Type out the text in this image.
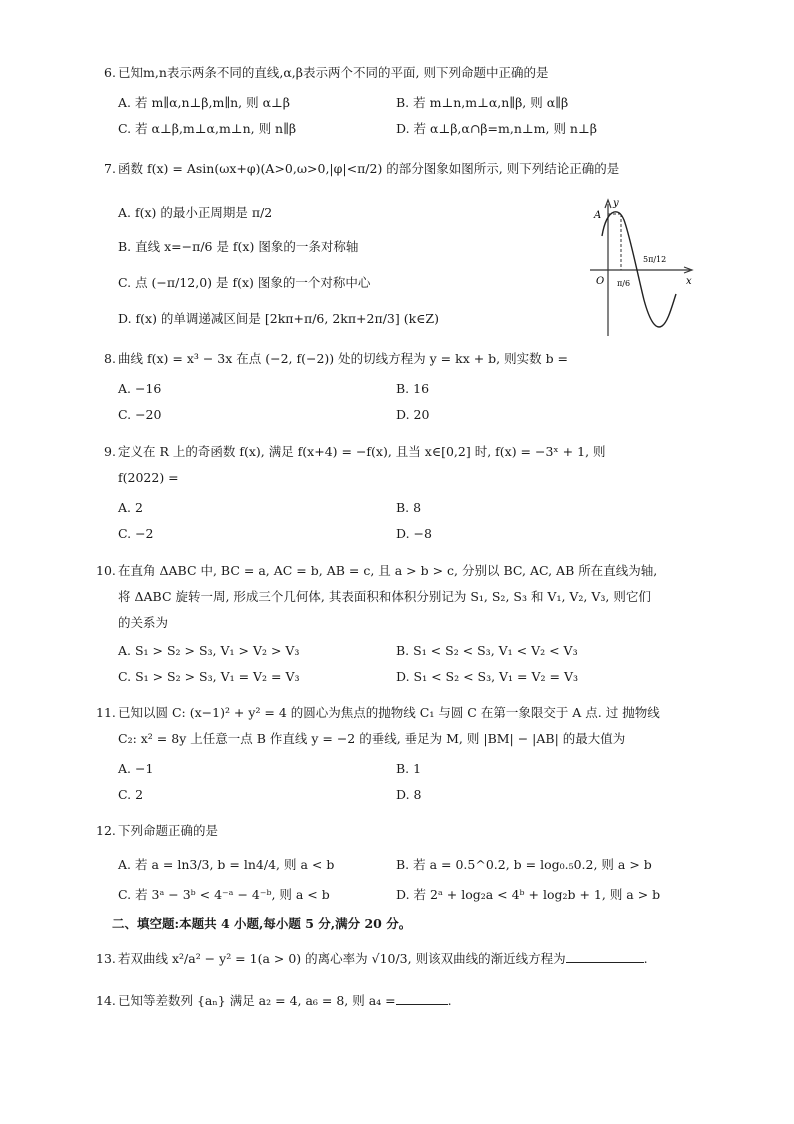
6. 已知m,n表示两条不同的直线,α,β表示两个不同的平面, 则下列命题中正确的是
A. 若 m∥α,n⊥β,m∥n, 则 α⊥β	B. 若 m⊥n,m⊥α,n∥β, 则 α∥β
C. 若 α⊥β,m⊥α,m⊥n, 则 n∥β	D. 若 α⊥β,α∩β=m,n⊥m, 则 n⊥β
7. 函数 f(x) = Asin(ωx+φ)(A>0,ω>0,|φ|<π/2) 的部分图象如图所示, 则下列结论正确的是
A. f(x) 的最小正周期是 π/2
B. 直线 x=−π/6 是 f(x) 图象的一条对称轴
C. 点 (−π/12,0) 是 f(x) 图象的一个对称中心
D. f(x) 的单调递减区间是 [2kπ+π/6, 2kπ+2π/3] (k∈Z)
A
y
O	x
π/6
5π/12
8. 曲线 f(x) = x³ − 3x 在点 (−2, f(−2)) 处的切线方程为 y = kx + b, 则实数 b =
A. −16	B. 16
C. −20	D. 20
9. 定义在 R 上的奇函数 f(x), 满足 f(x+4) = −f(x), 且当 x∈[0,2] 时, f(x) = −3ˣ + 1, 则
f(2022) =
A. 2	B. 8
C. −2	D. −8
10. 在直角 ΔABC 中, BC = a, AC = b, AB = c, 且 a > b > c, 分别以 BC, AC, AB 所在直线为轴,
将 ΔABC 旋转一周, 形成三个几何体, 其表面积和体积分别记为 S₁, S₂, S₃ 和 V₁, V₂, V₃, 则它们
的关系为
A. S₁ > S₂ > S₃, V₁ > V₂ > V₃	B. S₁ < S₂ < S₃, V₁ < V₂ < V₃
C. S₁ > S₂ > S₃, V₁ = V₂ = V₃	D. S₁ < S₂ < S₃, V₁ = V₂ = V₃
11. 已知以圆 C: (x−1)² + y² = 4 的圆心为焦点的抛物线 C₁ 与圆 C 在第一象限交于 A 点. 过 抛物线
C₂: x² = 8y 上任意一点 B 作直线 y = −2 的垂线, 垂足为 M, 则 |BM| − |AB| 的最大值为
A. −1	B. 1
C. 2	D. 8
12. 下列命题正确的是
A. 若 a = ln3/3, b = ln4/4, 则 a < b	B. 若 a = 0.5^0.2, b = log₀.₅0.2, 则 a > b
C. 若 3ᵃ − 3ᵇ < 4⁻ᵃ − 4⁻ᵇ, 则 a < b	D. 若 2ᵃ + log₂a < 4ᵇ + log₂b + 1, 则 a > b
二、填空题:本题共 4 小题,每小题 5 分,满分 20 分。
13. 若双曲线 x²/a² − y² = 1(a > 0) 的离心率为 √10/3, 则该双曲线的渐近线方程为	.
14. 已知等差数列 {aₙ} 满足 a₂ = 4, a₆ = 8, 则 a₄ =	.
